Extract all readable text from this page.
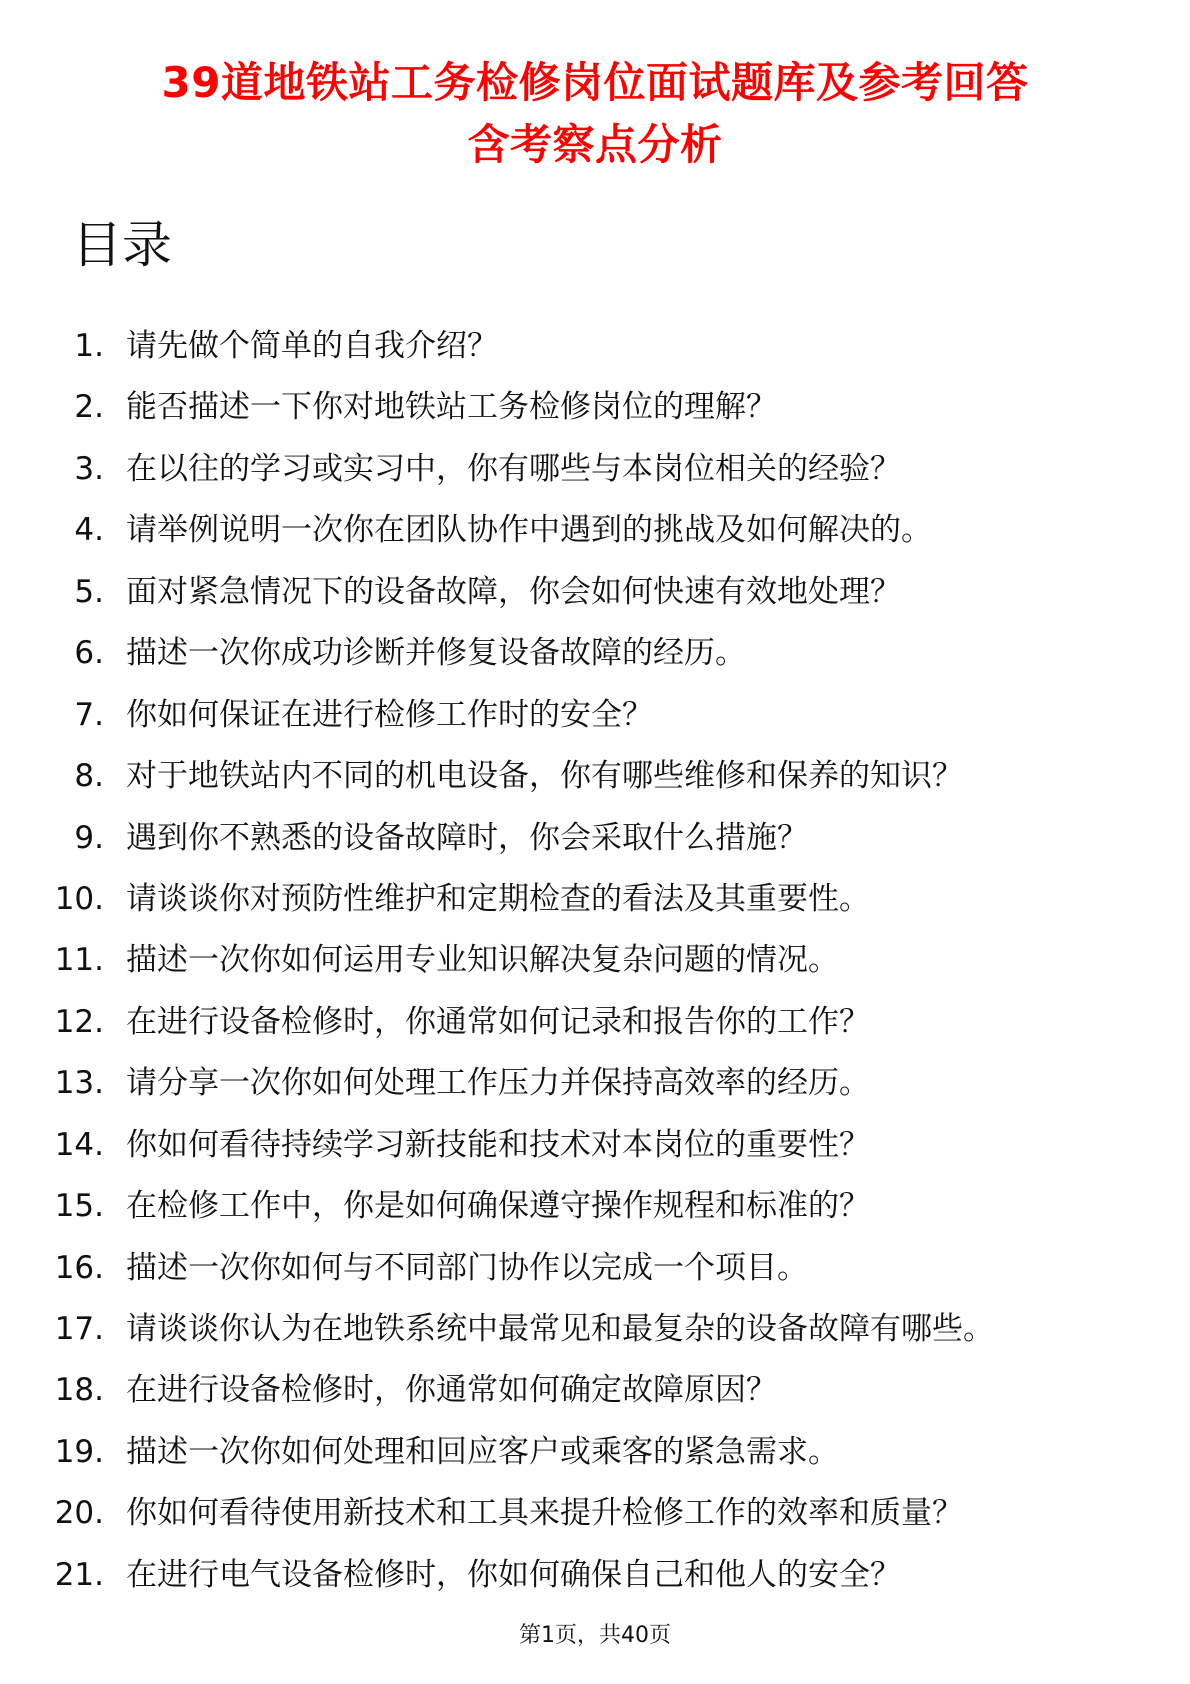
39道地铁站工务检修岗位面试题库及参考回答
含考察点分析
目录
1. 请先做个简单的自我介绍？
2. 能否描述一下你对地铁站工务检修岗位的理解？
3. 在以往的学习或实习中，你有哪些与本岗位相关的经验？
4. 请举例说明一次你在团队协作中遇到的挑战及如何解决的。
5. 面对紧急情况下的设备故障，你会如何快速有效地处理？
6. 描述一次你成功诊断并修复设备故障的经历。
7. 你如何保证在进行检修工作时的安全？
8. 对于地铁站内不同的机电设备，你有哪些维修和保养的知识？
9. 遇到你不熟悉的设备故障时，你会采取什么措施？
10. 请谈谈你对预防性维护和定期检查的看法及其重要性。
11. 描述一次你如何运用专业知识解决复杂问题的情况。
12. 在进行设备检修时，你通常如何记录和报告你的工作？
13. 请分享一次你如何处理工作压力并保持高效率的经历。
14. 你如何看待持续学习新技能和技术对本岗位的重要性？
15. 在检修工作中，你是如何确保遵守操作规程和标准的？
16. 描述一次你如何与不同部门协作以完成一个项目。
17. 请谈谈你认为在地铁系统中最常见和最复杂的设备故障有哪些。
18. 在进行设备检修时，你通常如何确定故障原因？
19. 描述一次你如何处理和回应客户或乘客的紧急需求。
20. 你如何看待使用新技术和工具来提升检修工作的效率和质量？
21. 在进行电气设备检修时，你如何确保自己和他人的安全？
第1页，共40页
